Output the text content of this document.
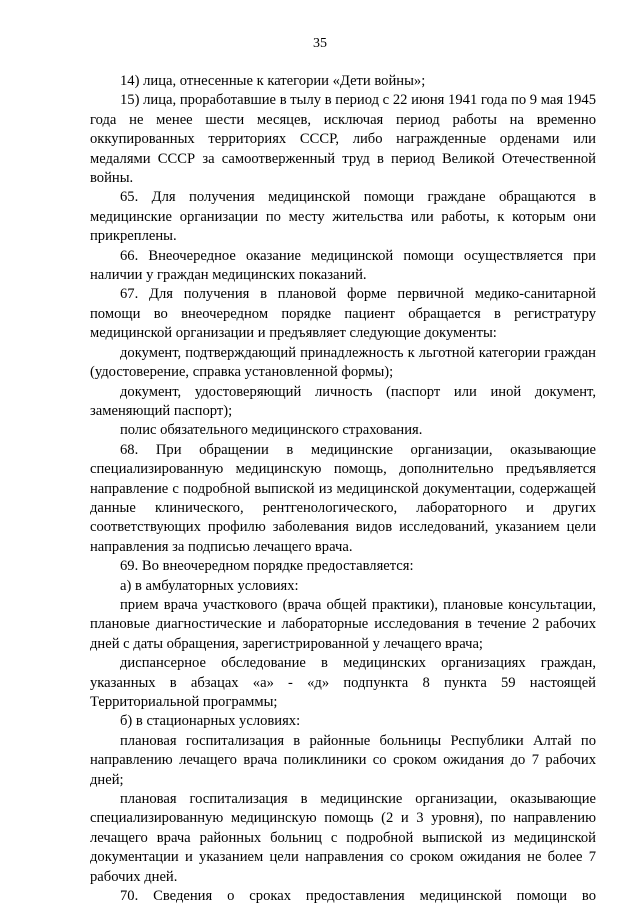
35

14) лица, отнесенные к категории «Дети войны»;

15) лица, проработавшие в тылу в период с 22 июня 1941 года по 9 мая 1945 года не менее шести месяцев, исключая период работы на временно оккупированных территориях СССР, либо награжденные орденами или медалями СССР за самоотверженный труд в период Великой Отечественной войны.

65. Для получения медицинской помощи граждане обращаются в медицинские организации по месту жительства или работы, к которым они прикреплены.

66. Внеочередное оказание медицинской помощи осуществляется при наличии у граждан медицинских показаний.

67. Для получения в плановой форме первичной медико-санитарной помощи во внеочередном порядке пациент обращается в регистратуру медицинской организации и предъявляет следующие документы:

документ, подтверждающий принадлежность к льготной категории граждан (удостоверение, справка установленной формы);

документ, удостоверяющий личность (паспорт или иной документ, заменяющий паспорт);

полис обязательного медицинского страхования.

68. При обращении в медицинские организации, оказывающие специализированную медицинскую помощь, дополнительно предъявляется направление с подробной выпиской из медицинской документации, содержащей данные клинического, рентгенологического, лабораторного и других соответствующих профилю заболевания видов исследований, указанием цели направления за подписью лечащего врача.

69. Во внеочередном порядке предоставляется:

а) в амбулаторных условиях:

прием врача участкового (врача общей практики), плановые консультации, плановые диагностические и лабораторные исследования в течение 2 рабочих дней с даты обращения, зарегистрированной у лечащего врача;

диспансерное обследование в медицинских организациях граждан, указанных в абзацах «а» - «д» подпункта 8 пункта 59 настоящей Территориальной программы;

б) в стационарных условиях:

плановая госпитализация в районные больницы Республики Алтай по направлению лечащего врача поликлиники со сроком ожидания до 7 рабочих дней;

плановая госпитализация в медицинские организации, оказывающие специализированную медицинскую помощь (2 и 3 уровня), по направлению лечащего врача районных больниц с подробной выпиской из медицинской документации и указанием цели направления со сроком ожидания не более 7 рабочих дней.

70. Сведения о сроках предоставления медицинской помощи во
